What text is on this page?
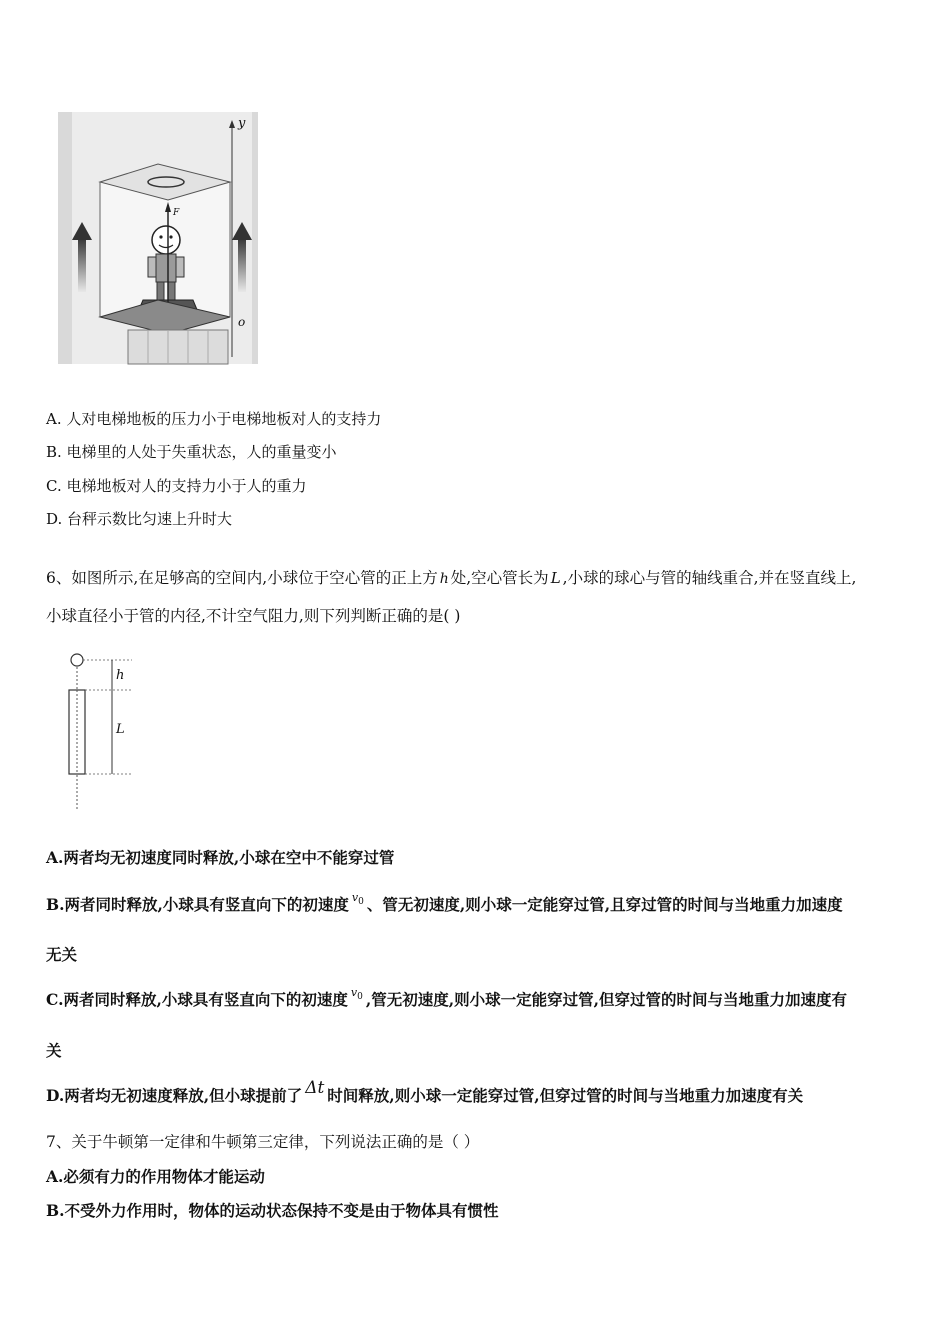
y
o
F
A. 人对电梯地板的压力小于电梯地板对人的支持力
B. 电梯里的人处于失重状态，人的重量变小
C. 电梯地板对人的支持力小于人的重力
D. 台秤示数比匀速上升时大
6、如图所示,在足够高的空间内,小球位于空心管的正上方 h 处,空心管长为 L ,小球的球心与管的轴线重合,并在竖直线上,
小球直径小于管的内径,不计空气阻力,则下列判断正确的是( )
h
L
A.两者均无初速度同时释放,小球在空中不能穿过管
B.两者同时释放,小球具有竖直向下的初速度 $^{v_0}$ 、管无初速度,则小球一定能穿过管,且穿过管的时间与当地重力加速度
无关
C.两者同时释放,小球具有竖直向下的初速度 $^{v_0}$ ,管无初速度,则小球一定能穿过管,但穿过管的时间与当地重力加速度有
关
D.两者均无初速度释放,但小球提前了 Δt 时间释放,则小球一定能穿过管,但穿过管的时间与当地重力加速度有关
7、关于牛顿第一定律和牛顿第三定律，下列说法正确的是（ ）
A.必须有力的作用物体才能运动
B.不受外力作用时，物体的运动状态保持不变是由于物体具有惯性
